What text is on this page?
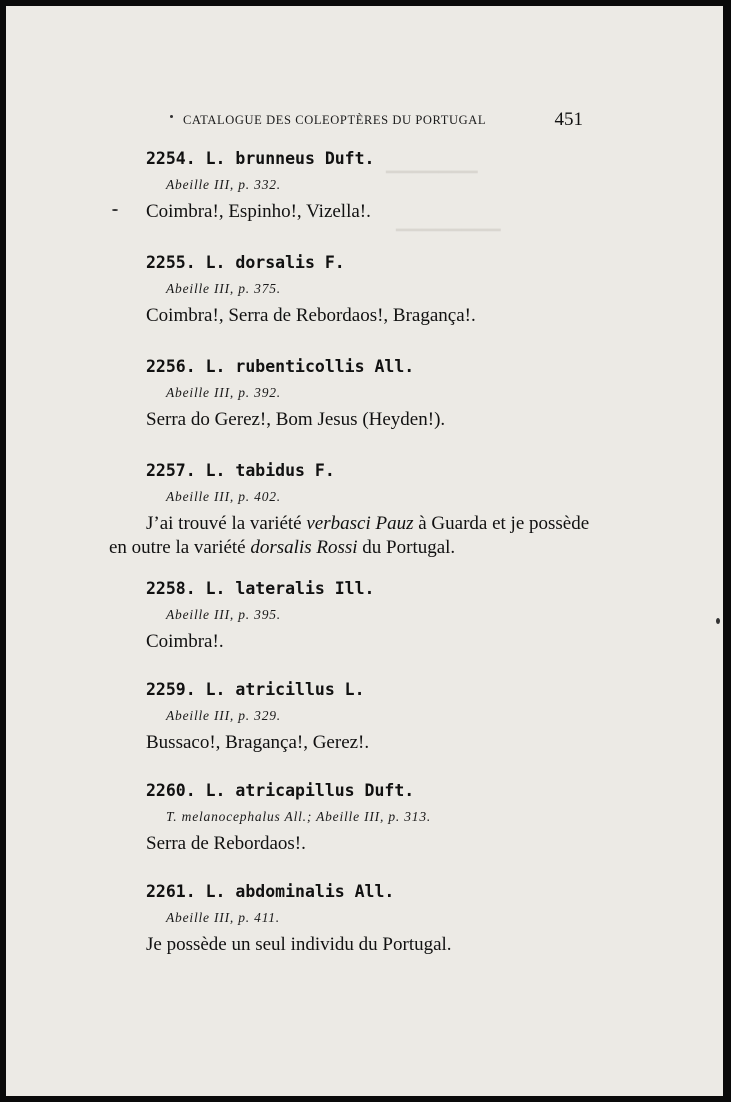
▁▁▁▁▁▁▁
▁▁▁▁▁▁▁▁
CATALOGUE DES COLEOPTÈRES DU PORTUGAL	451
2254. L. brunneus Duft.
Abeille III, p. 332.
Coimbra!, Espinho!, Vizella!.
2255. L. dorsalis F.
Abeille III, p. 375.
Coimbra!, Serra de Rebordaos!, Bragança!.
2256. L. rubenticollis All.
Abeille III, p. 392.
Serra do Gerez!, Bom Jesus (Heyden!).
2257. L. tabidus F.
Abeille III, p. 402.
J’ai trouvé la variété verbasci Pauz à Guarda et je possède
en outre la variété dorsalis Rossi du Portugal.
2258. L. lateralis Ill.
Abeille III, p. 395.
Coimbra!.
2259. L. atricillus L.
Abeille III, p. 329.
Bussaco!, Bragança!, Gerez!.
2260. L. atricapillus Duft.
T. melanocephalus All.; Abeille III, p. 313.
Serra de Rebordaos!.
2261. L. abdominalis All.
Abeille III, p. 411.
Je possède un seul individu du Portugal.
